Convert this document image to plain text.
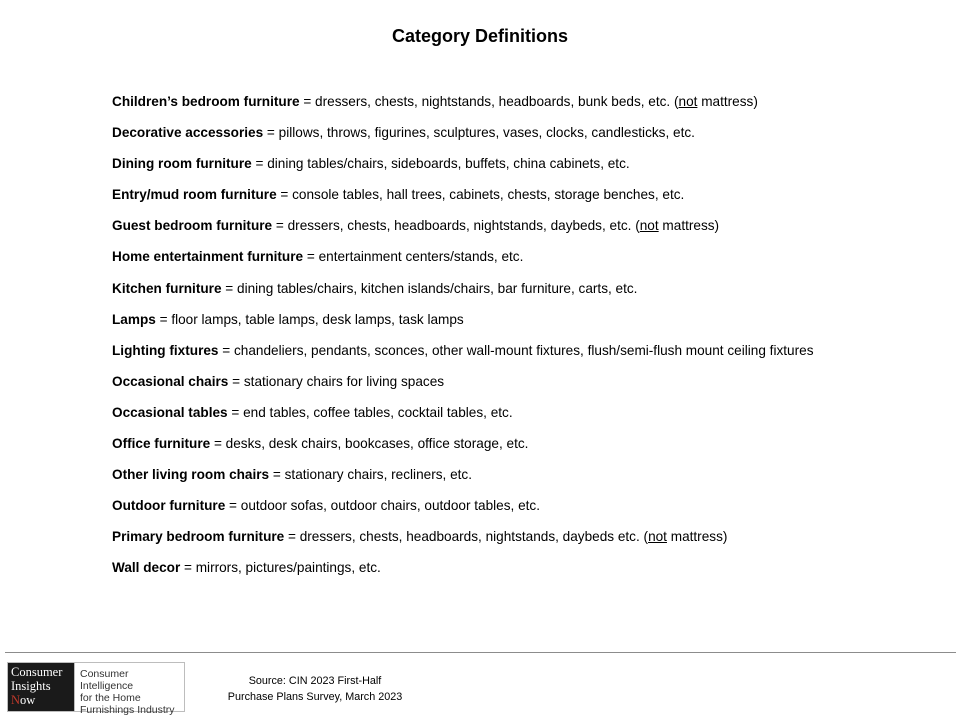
Category Definitions
Children’s bedroom furniture = dressers, chests, nightstands, headboards, bunk beds, etc. (not mattress)
Decorative accessories = pillows, throws, figurines, sculptures, vases, clocks, candlesticks, etc.
Dining room furniture = dining tables/chairs, sideboards, buffets, china cabinets, etc.
Entry/mud room furniture = console tables, hall trees, cabinets, chests, storage benches, etc.
Guest bedroom furniture = dressers, chests, headboards, nightstands, daybeds, etc. (not mattress)
Home entertainment furniture = entertainment centers/stands, etc.
Kitchen furniture = dining tables/chairs, kitchen islands/chairs, bar furniture, carts, etc.
Lamps = floor lamps, table lamps, desk lamps, task lamps
Lighting fixtures = chandeliers, pendants, sconces, other wall-mount fixtures, flush/semi-flush mount ceiling fixtures
Occasional chairs = stationary chairs for living spaces
Occasional tables = end tables, coffee tables, cocktail tables, etc.
Office furniture = desks, desk chairs, bookcases, office storage, etc.
Other living room chairs = stationary chairs, recliners, etc.
Outdoor furniture = outdoor sofas, outdoor chairs, outdoor tables, etc.
Primary bedroom furniture = dressers, chests, headboards, nightstands, daybeds etc. (not mattress)
Wall decor = mirrors, pictures/paintings, etc.
Consumer
Insights
Now
Consumer Intelligence
for the Home
Furnishings Industry
Source: CIN 2023 First-Half
Purchase Plans Survey, March 2023
